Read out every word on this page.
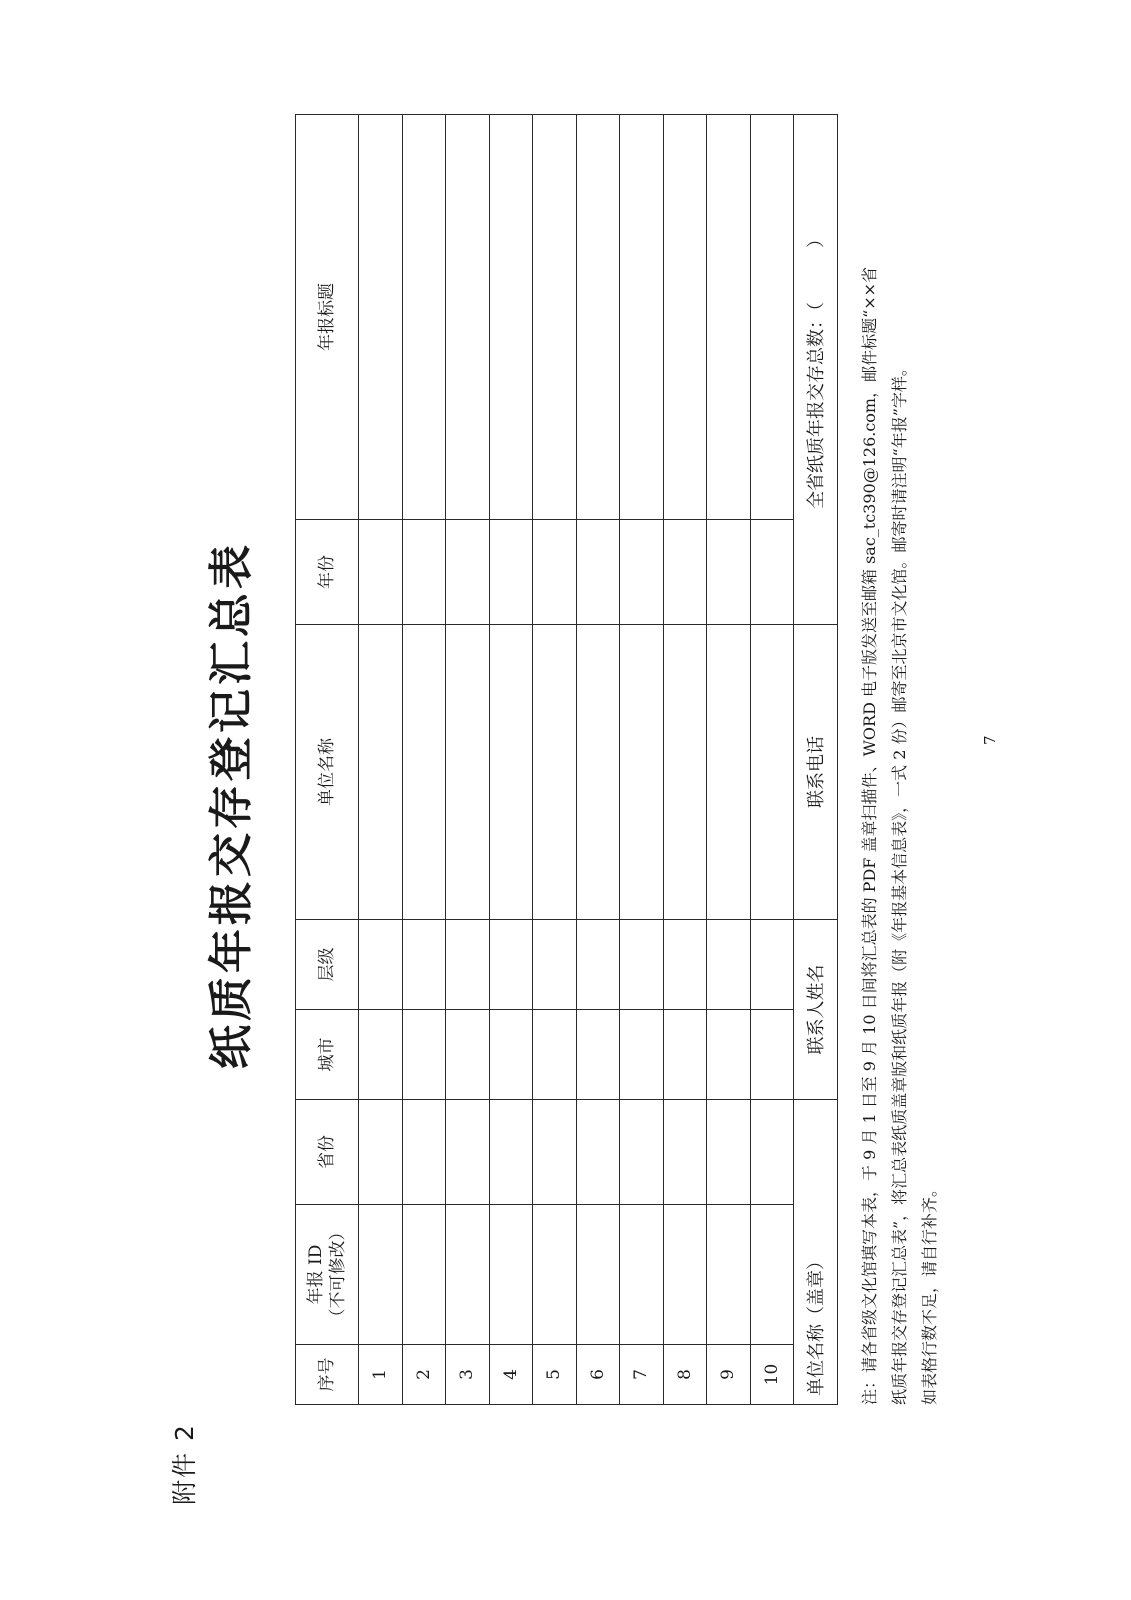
附件 2
纸质年报交存登记汇总表
序号	年报 ID （不可修改）	省份	城市	层级	单位名称	年份	年报标题
1							
2							
3							
4							
5							
6							
7							
8							
9							
10							
单位名称（盖章）			联系人姓名		联系电话	全省纸质年报交存总数：（　　　）		注：请各省级文化馆填写本表，于 9 月 1 日至 9 月 10 日间将汇总表的 PDF 盖章扫描件、WORD 电子版发送至邮箱 sac_tc390@126.com，邮件标题“××省 纸质年报交存登记汇总表”，将汇总表纸质盖章版和纸质年报（附《年报基本信息表》，一式 2 份）邮寄至北京市文化馆。邮寄时请注明“年报”字样。 如表格行数不足，请自行补齐。
7
